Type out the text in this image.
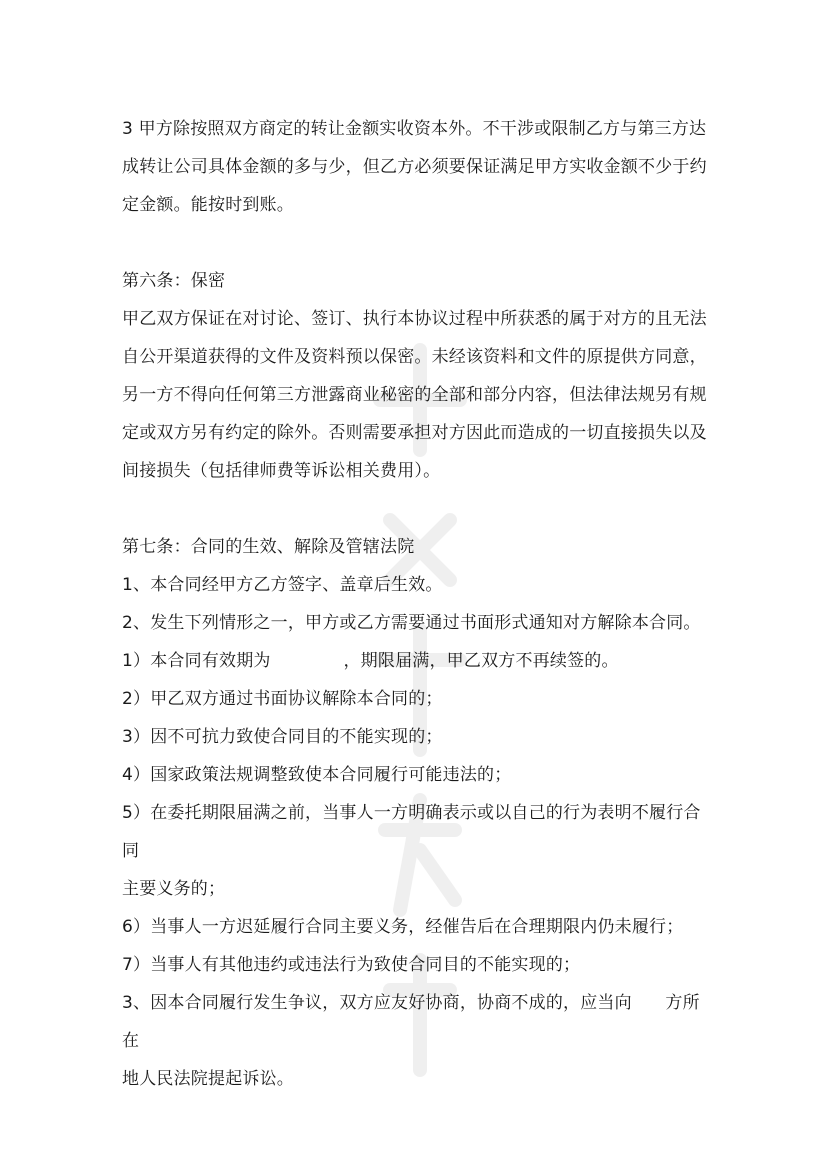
3 甲方除按照双方商定的转让金额实收资本外。不干涉或限制乙方与第三方达

成转让公司具体金额的多与少，但乙方必须要保证满足甲方实收金额不少于约

定金额。能按时到账。

第六条：保密

甲乙双方保证在对讨论、签订、执行本协议过程中所获悉的属于对方的且无法

自公开渠道获得的文件及资料预以保密。未经该资料和文件的原提供方同意，

另一方不得向任何第三方泄露商业秘密的全部和部分内容，但法律法规另有规

定或双方另有约定的除外。否则需要承担对方因此而造成的一切直接损失以及

间接损失（包括律师费等诉讼相关费用）。

第七条：合同的生效、解除及管辖法院

1、本合同经甲方乙方签字、盖章后生效。

2、发生下列情形之一，甲方或乙方需要通过书面形式通知对方解除本合同。

1）本合同有效期为             ，期限届满，甲乙双方不再续签的。

2）甲乙双方通过书面协议解除本合同的；

3）因不可抗力致使合同目的不能实现的；

4）国家政策法规调整致使本合同履行可能违法的；

5）在委托期限届满之前，当事人一方明确表示或以自己的行为表明不履行合同

主要义务的；

6）当事人一方迟延履行合同主要义务，经催告后在合理期限内仍未履行；

7）当事人有其他违约或违法行为致使合同目的不能实现的；

3、因本合同履行发生争议，双方应友好协商，协商不成的，应当向      方所在

地人民法院提起诉讼。
